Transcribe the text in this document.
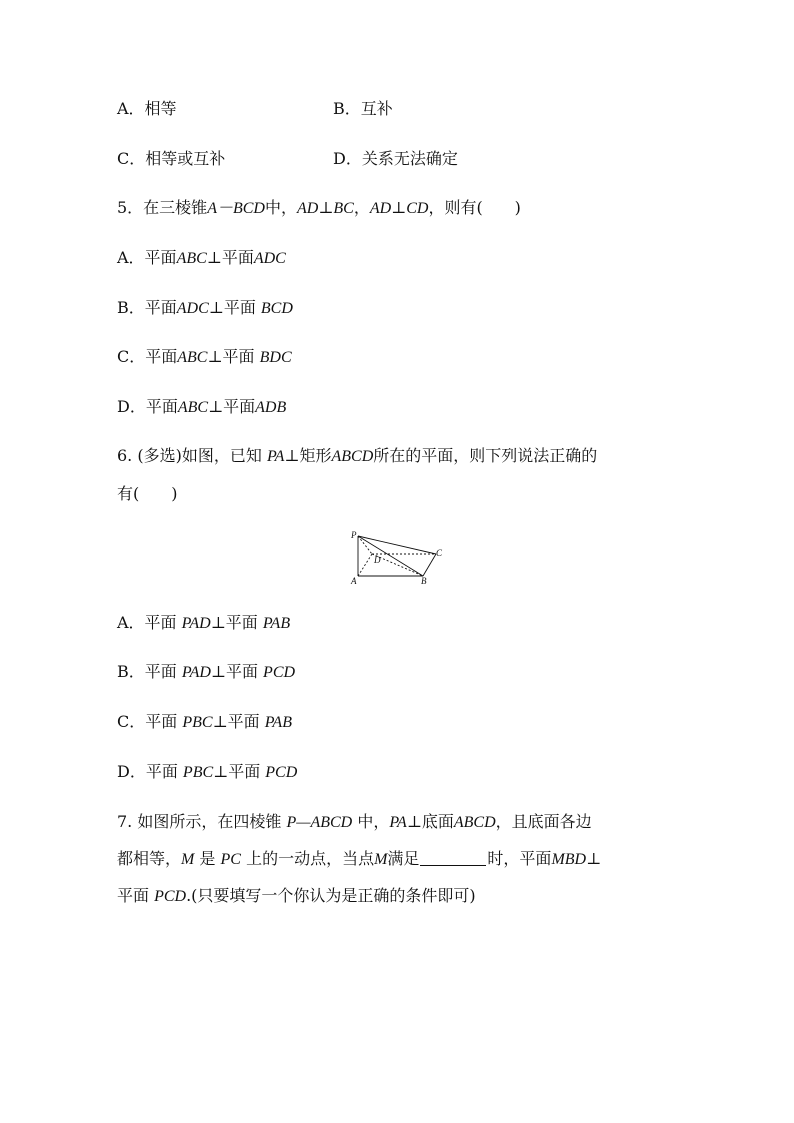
A．相等	B．互补
C．相等或互补	D．关系无法确定
5．在三棱锥A－BCD中，AD⊥BC，AD⊥CD，则有(　　)
A．平面ABC⊥平面ADC
B．平面ADC⊥平面 BCD
C．平面ABC⊥平面 BDC
D．平面ABC⊥平面ADB
6. (多选)如图，已知 PA⊥矩形ABCD所在的平面，则下列说法正确的
有(　　)
P
A	B
C
D
A．平面 PAD⊥平面 PAB
B．平面 PAD⊥平面 PCD
C．平面 PBC⊥平面 PAB
D．平面 PBC⊥平面 PCD
7. 如图所示，在四棱锥 P—ABCD 中，PA⊥底面ABCD，且底面各边
都相等，M 是 PC 上的一动点，当点M满足	时，平面MBD⊥
平面 PCD.(只要填写一个你认为是正确的条件即可)
